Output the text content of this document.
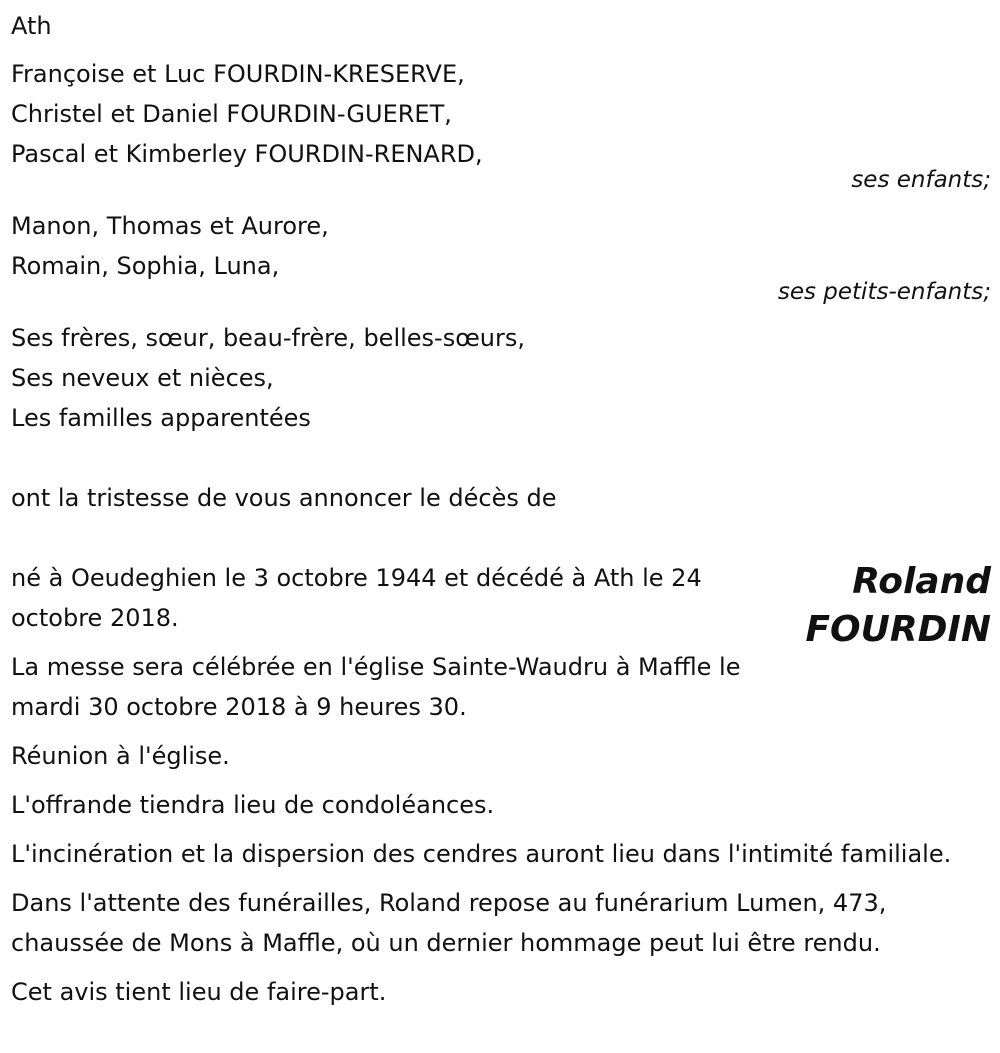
Ath
Françoise et Luc FOURDIN-KRESERVE,
Christel et Daniel FOURDIN-GUERET,
Pascal et Kimberley FOURDIN-RENARD,
ses enfants;
Manon, Thomas et Aurore,
Romain, Sophia, Luna,
ses petits-enfants;
Ses frères, sœur, beau-frère, belles-sœurs,
Ses neveux et nièces,
Les familles apparentées
ont la tristesse de vous annoncer le décès de
né à Oeudeghien le 3 octobre 1944 et décédé à Ath le 24 octobre 2018.
Roland
FOURDIN
La messe sera célébrée en l'église Sainte-Waudru à Maffle le mardi 30 octobre 2018 à 9 heures 30.
Réunion à l'église.
L'offrande tiendra lieu de condoléances.
L'incinération et la dispersion des cendres auront lieu dans l'intimité familiale.
Dans l'attente des funérailles, Roland repose au funérarium Lumen, 473, chaussée de Mons à Maffle, où un dernier hommage peut lui être rendu.
Cet avis tient lieu de faire-part.
